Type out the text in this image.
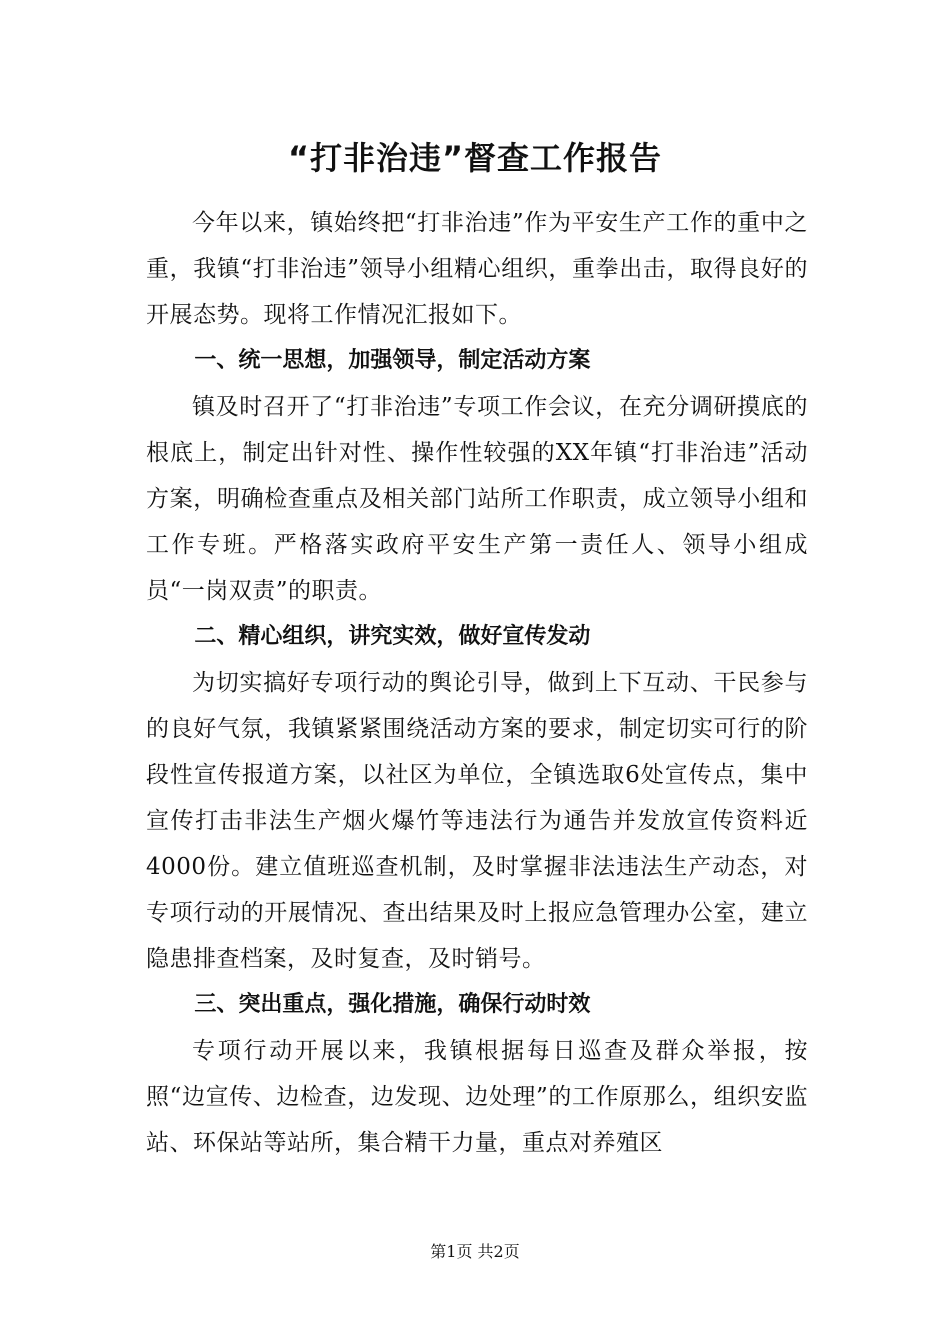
“打非治违”督查工作报告

今年以来，镇始终把“打非治违”作为平安生产工作的重中之重，我镇“打非治违”领导小组精心组织，重拳出击，取得良好的开展态势。现将工作情况汇报如下。

一、统一思想，加强领导，制定活动方案

镇及时召开了“打非治违”专项工作会议，在充分调研摸底的根底上，制定出针对性、操作性较强的XX年镇“打非治违”活动方案，明确检查重点及相关部门站所工作职责，成立领导小组和工作专班。严格落实政府平安生产第一责任人、领导小组成员“一岗双责”的职责。

二、精心组织，讲究实效，做好宣传发动

为切实搞好专项行动的舆论引导，做到上下互动、干民参与的良好气氛，我镇紧紧围绕活动方案的要求，制定切实可行的阶段性宣传报道方案，以社区为单位，全镇选取6处宣传点，集中宣传打击非法生产烟火爆竹等违法行为通告并发放宣传资料近4000份。建立值班巡查机制，及时掌握非法违法生产动态，对专项行动的开展情况、查出结果及时上报应急管理办公室，建立隐患排查档案，及时复查，及时销号。

三、突出重点，强化措施，确保行动时效

专项行动开展以来，我镇根据每日巡查及群众举报，按照“边宣传、边检查，边发现、边处理”的工作原那么，组织安监站、环保站等站所，集合精干力量，重点对养殖区

第1页 共2页
